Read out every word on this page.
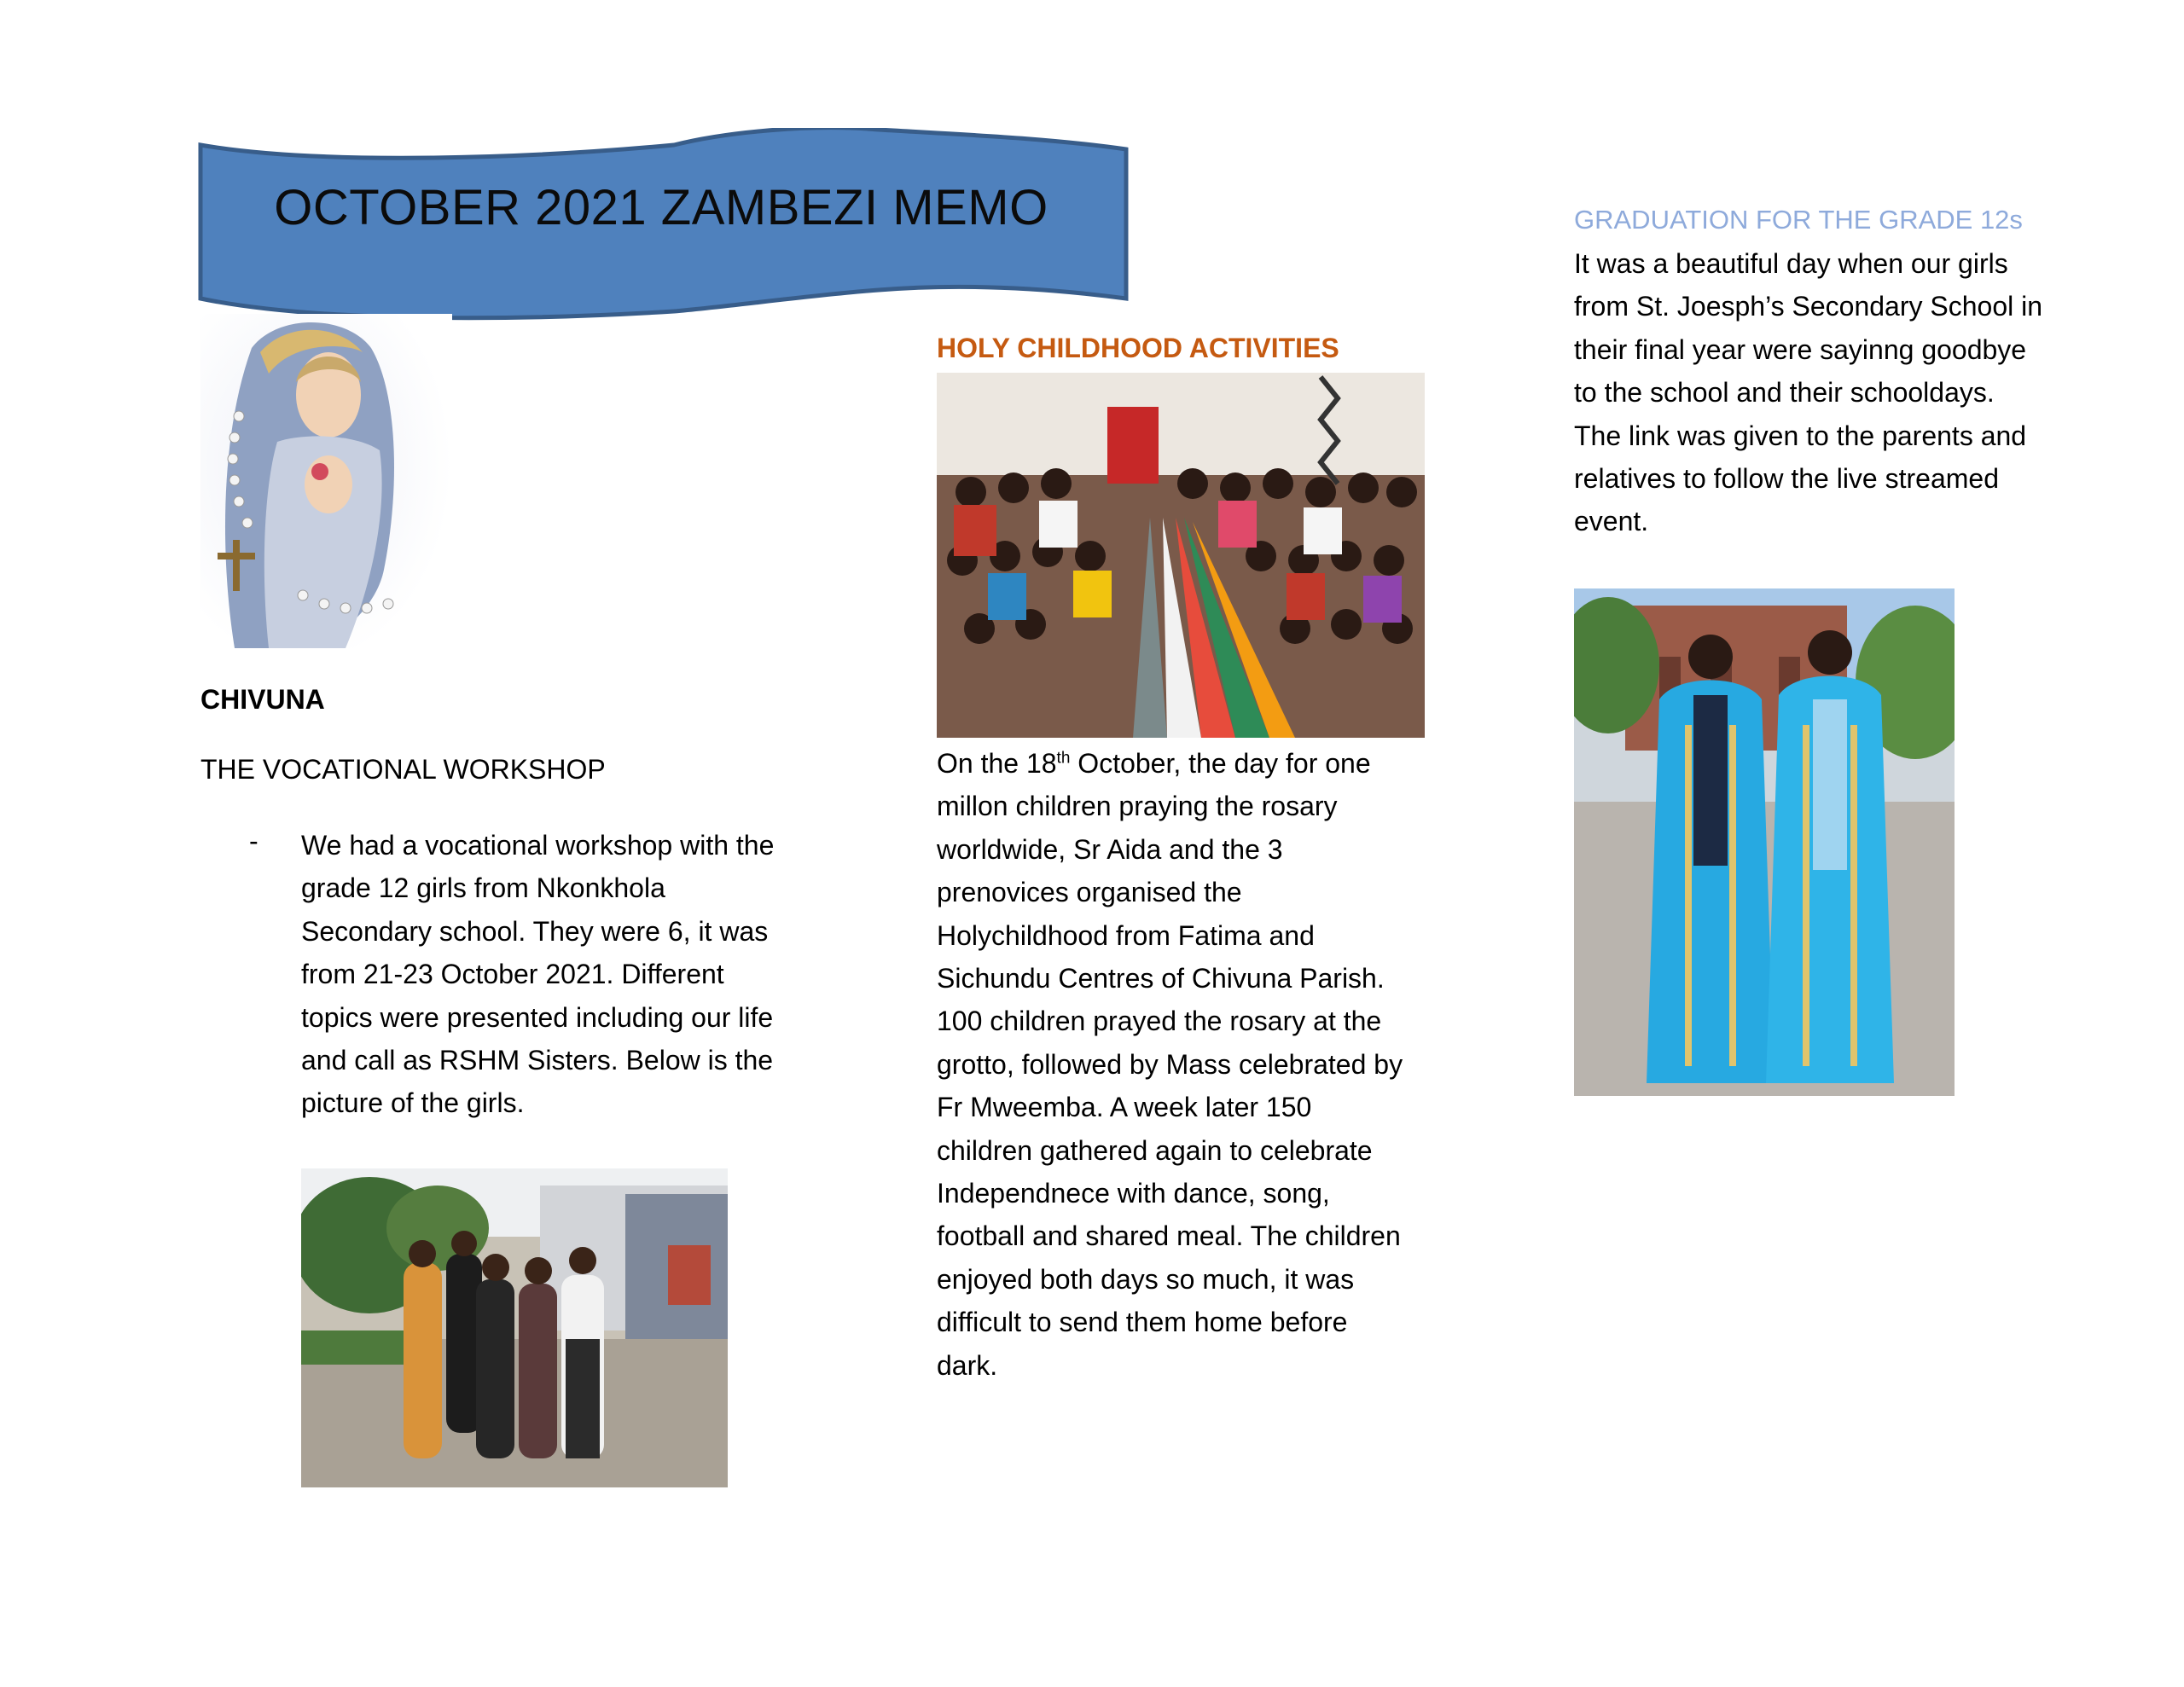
OCTOBER 2021 ZAMBEZI MEMO
CHIVUNA
THE VOCATIONAL WORKSHOP
- We had a vocational workshop with the grade 12 girls from Nkonkhola Secondary school. They were 6, it was from 21-23 October 2021. Different topics were presented including our life and call as RSHM Sisters. Below is the picture of the girls.
HOLY CHILDHOOD ACTIVITIES
On the 18th October, the day for one millon children praying the rosary worldwide, Sr Aida and the 3 prenovices organised the Holychildhood from Fatima and Sichundu Centres of Chivuna Parish. 100 children prayed the rosary at the grotto, followed by Mass celebrated by Fr Mweemba. A week later 150 children gathered again to celebrate Independnece with dance, song, football and shared meal. The children enjoyed both days so much, it was difficult to send them home before dark.
GRADUATION FOR THE GRADE 12s
It was a beautiful day when our girls from St. Joesph’s Secondary School in their final year were sayinng goodbye to the school and their schooldays.
The link was given to the parents and relatives to follow the live streamed event.
